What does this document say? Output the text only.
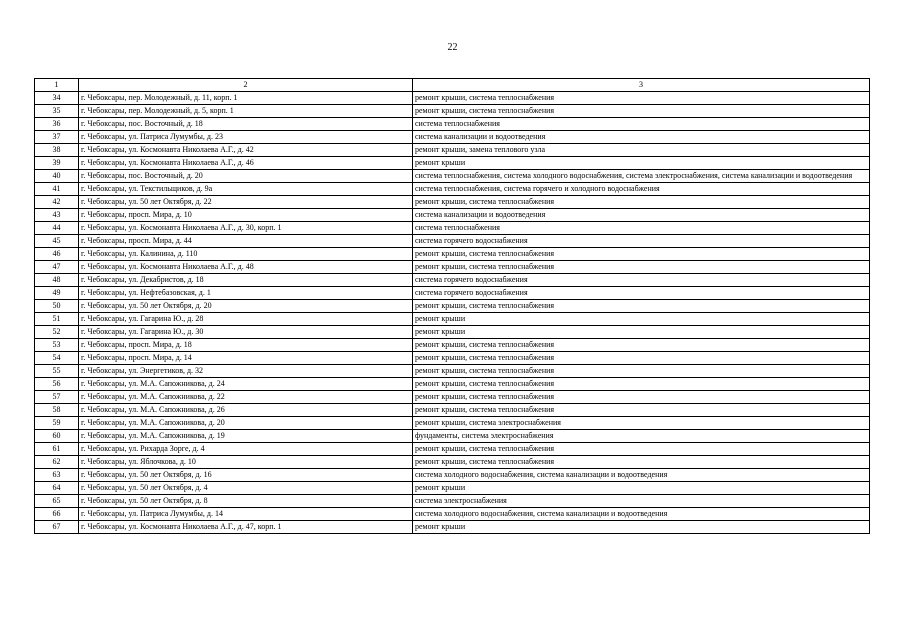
22
1	2	3
34	г. Чебоксары, пер. Молодежный, д. 11, корп. 1	ремонт крыши, система теплоснабжения
35	г. Чебоксары, пер. Молодежный, д. 5, корп. 1	ремонт крыши, система теплоснабжения
36	г. Чебоксары, пос. Восточный, д. 18	система теплоснабжения
37	г. Чебоксары, ул. Патриса Лумумбы, д. 23	система канализации и водоотведения
38	г. Чебоксары, ул. Космонавта Николаева А.Г., д. 42	ремонт крыши, замена теплового узла
39	г. Чебоксары, ул. Космонавта Николаева А.Г., д. 46	ремонт крыши
40	г. Чебоксары, пос. Восточный, д. 20	система теплоснабжения, система холодного водоснабжения, система электроснабжения, система канализации и водоотведения
41	г. Чебоксары, ул. Текстильщиков, д. 9а	система теплоснабжения, система горячего и холодного водоснабжения
42	г. Чебоксары, ул. 50 лет Октября, д. 22	ремонт крыши, система теплоснабжения
43	г. Чебоксары, просп. Мира, д. 10	система канализации и водоотведения
44	г. Чебоксары, ул. Космонавта Николаева А.Г., д. 30, корп. 1	система теплоснабжения
45	г. Чебоксары, просп. Мира, д. 44	система горячего водоснабжения
46	г. Чебоксары, ул. Калинина, д. 110	ремонт крыши, система теплоснабжения
47	г. Чебоксары, ул. Космонавта Николаева А.Г., д. 48	ремонт крыши, система теплоснабжения
48	г. Чебоксары, ул. Декабристов, д. 18	система горячего водоснабжения
49	г. Чебоксары, ул. Нефтебазовская, д. 1	система горячего водоснабжения
50	г. Чебоксары, ул. 50 лет Октября, д. 20	ремонт крыши, система теплоснабжения
51	г. Чебоксары, ул. Гагарина Ю., д. 28	ремонт крыши
52	г. Чебоксары, ул. Гагарина Ю., д. 30	ремонт крыши
53	г. Чебоксары, просп. Мира, д. 18	ремонт крыши, система теплоснабжения
54	г. Чебоксары, просп. Мира, д. 14	ремонт крыши, система теплоснабжения
55	г. Чебоксары, ул. Энергетиков, д. 32	ремонт крыши, система теплоснабжения
56	г. Чебоксары, ул. М.А. Сапожникова, д. 24	ремонт крыши, система теплоснабжения
57	г. Чебоксары, ул. М.А. Сапожникова, д. 22	ремонт крыши, система теплоснабжения
58	г. Чебоксары, ул. М.А. Сапожникова, д. 26	ремонт крыши, система теплоснабжения
59	г. Чебоксары, ул. М.А. Сапожникова, д. 20	ремонт крыши, система электроснабжения
60	г. Чебоксары, ул. М.А. Сапожникова, д. 19	фундаменты, система электроснабжения
61	г. Чебоксары, ул. Рихарда Зорге, д. 4	ремонт крыши, система теплоснабжения
62	г. Чебоксары, ул. Яблочкова, д. 10	ремонт крыши, система теплоснабжения
63	г. Чебоксары, ул. 50 лет Октября, д. 16	система холодного водоснабжения, система канализации и водоотведения
64	г. Чебоксары, ул. 50 лет Октября, д. 4	ремонт крыши
65	г. Чебоксары, ул. 50 лет Октября, д. 8	система электроснабжения
66	г. Чебоксары, ул. Патриса Лумумбы, д. 14	система холодного водоснабжения, система канализации и водоотведения
67	г. Чебоксары, ул. Космонавта Николаева А.Г., д. 47, корп. 1	ремонт крыши
